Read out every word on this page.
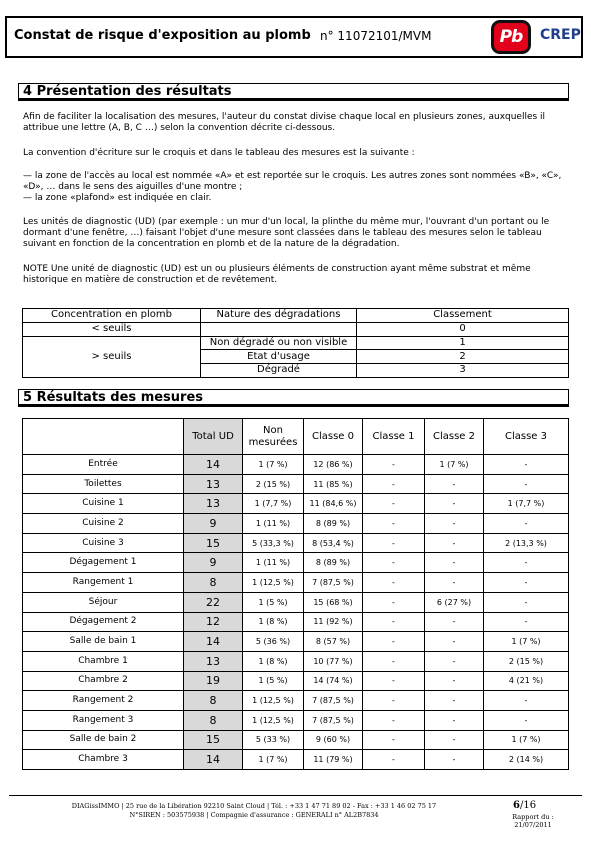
Constat de risque d'exposition au plomb n° 11072101/MVM	Pb	CREP
4 Présentation des résultats
Afin de faciliter la localisation des mesures, l'auteur du constat divise chaque local en plusieurs zones, auxquelles il attribue une lettre (A, B, C …) selon la convention décrite ci-dessous.
La convention d'écriture sur le croquis et dans le tableau des mesures est la suivante :
— la zone de l'accès au local est nommée «A» et est reportée sur le croquis. Les autres zones sont nommées «B», «C», «D», … dans le sens des aiguilles d'une montre ;
— la zone «plafond» est indiquée en clair.
Les unités de diagnostic (UD) (par exemple : un mur d'un local, la plinthe du même mur, l'ouvrant d'un portant ou le dormant d'une fenêtre, …) faisant l'objet d'une mesure sont classées dans le tableau des mesures selon le tableau suivant en fonction de la concentration en plomb et de la nature de la dégradation.
NOTE Une unité de diagnostic (UD) est un ou plusieurs éléments de construction ayant même substrat et même historique en matière de construction et de revêtement.
Concentration en plomb	Nature des dégradations	Classement
< seuils		0
> seuils	Non dégradé ou non visible	1
	Etat d'usage	2
	Dégradé	3
5 Résultats des mesures
	Total UD	Non mesurées	Classe 0	Classe 1	Classe 2	Classe 3
Entrée	14	1 (7 %)	12 (86 %)	-	1 (7 %)	-
Toilettes	13	2 (15 %)	11 (85 %)	-	-	-
Cuisine 1	13	1 (7,7 %)	11 (84,6 %)	-	-	1 (7,7 %)
Cuisine 2	9	1 (11 %)	8 (89 %)	-	-	-
Cuisine 3	15	5 (33,3 %)	8 (53,4 %)	-	-	2 (13,3 %)
Dégagement 1	9	1 (11 %)	8 (89 %)	-	-	-
Rangement 1	8	1 (12,5 %)	7 (87,5 %)	-	-	-
Séjour	22	1 (5 %)	15 (68 %)	-	6 (27 %)	-
Dégagement 2	12	1 (8 %)	11 (92 %)	-	-	-
Salle de bain 1	14	5 (36 %)	8 (57 %)	-	-	1 (7 %)
Chambre 1	13	1 (8 %)	10 (77 %)	-	-	2 (15 %)
Chambre 2	19	1 (5 %)	14 (74 %)	-	-	4 (21 %)
Rangement 2	8	1 (12,5 %)	7 (87,5 %)	-	-	-
Rangement 3	8	1 (12,5 %)	7 (87,5 %)	-	-	-
Salle de bain 2	15	5 (33 %)	9 (60 %)	-	-	1 (7 %)
Chambre 3	14	1 (7 %)	11 (79 %)	-	-	2 (14 %)
DIAGissIMMO | 25 rue de la Libération 92210 Saint Cloud | Tél. : +33 1 47 71 89 02 - Fax : +33 1 46 02 75 17
N°SIREN : 503575938 | Compagnie d'assurance : GENERALI n° AL2B7834
6/16
Rapport du :
21/07/2011
